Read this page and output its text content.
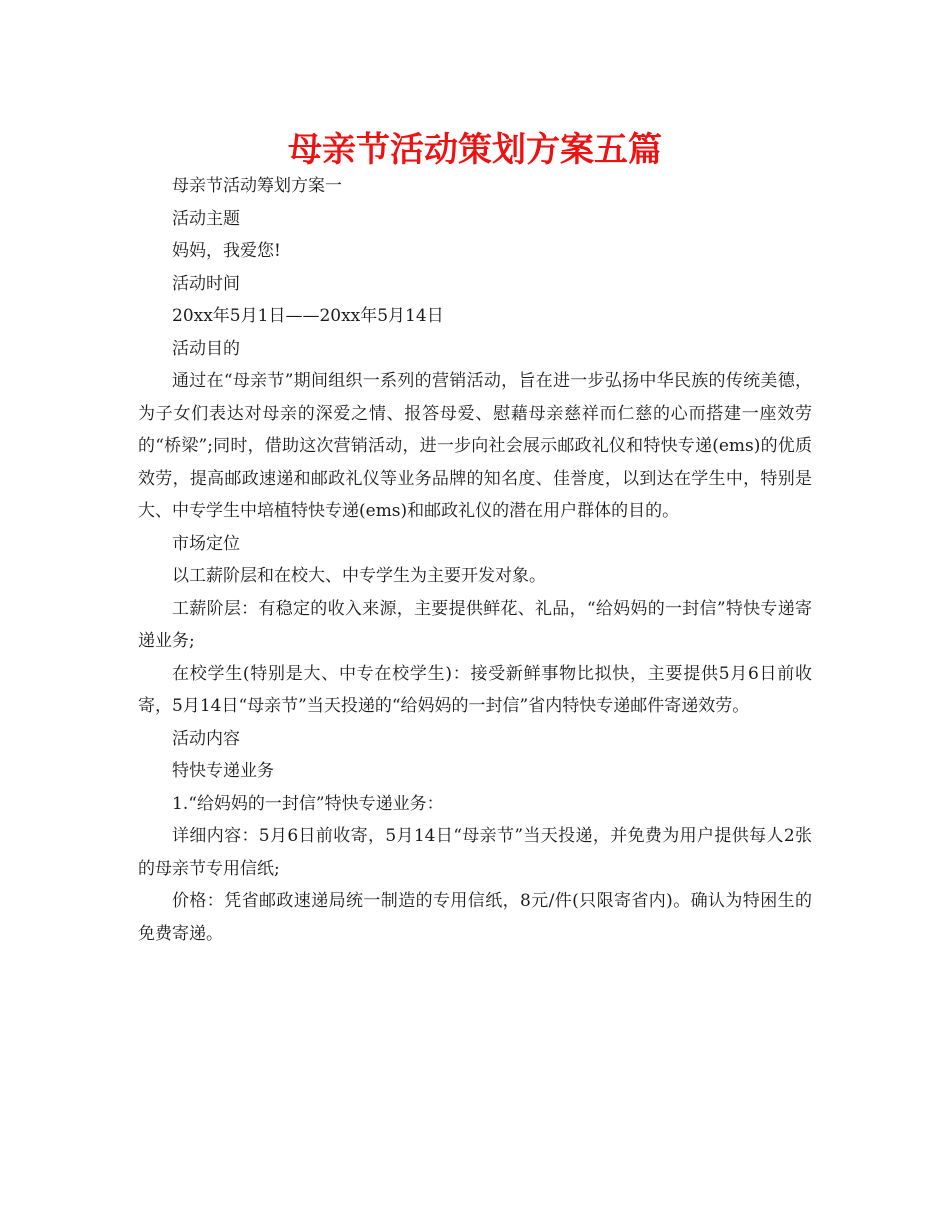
母亲节活动策划方案五篇

母亲节活动筹划方案一

活动主题

妈妈，我爱您!

活动时间

20xx年5月1日——20xx年5月14日

活动目的

通过在“母亲节”期间组织一系列的营销活动，旨在进一步弘扬中华民族的传统美德，为子女们表达对母亲的深爱之情、报答母爱、慰藉母亲慈祥而仁慈的心而搭建一座效劳的“桥梁”;同时，借助这次营销活动，进一步向社会展示邮政礼仪和特快专递(ems)的优质效劳，提高邮政速递和邮政礼仪等业务品牌的知名度、佳誉度，以到达在学生中，特别是大、中专学生中培植特快专递(ems)和邮政礼仪的潜在用户群体的目的。

市场定位

以工薪阶层和在校大、中专学生为主要开发对象。

工薪阶层：有稳定的收入来源，主要提供鲜花、礼品，“给妈妈的一封信”特快专递寄递业务;

在校学生(特别是大、中专在校学生)：接受新鲜事物比拟快，主要提供5月6日前收寄，5月14日“母亲节”当天投递的“给妈妈的一封信”省内特快专递邮件寄递效劳。

活动内容

特快专递业务

1.“给妈妈的一封信”特快专递业务：

详细内容：5月6日前收寄，5月14日“母亲节”当天投递，并免费为用户提供每人2张的母亲节专用信纸;

价格：凭省邮政速递局统一制造的专用信纸，8元/件(只限寄省内)。确认为特困生的免费寄递。
